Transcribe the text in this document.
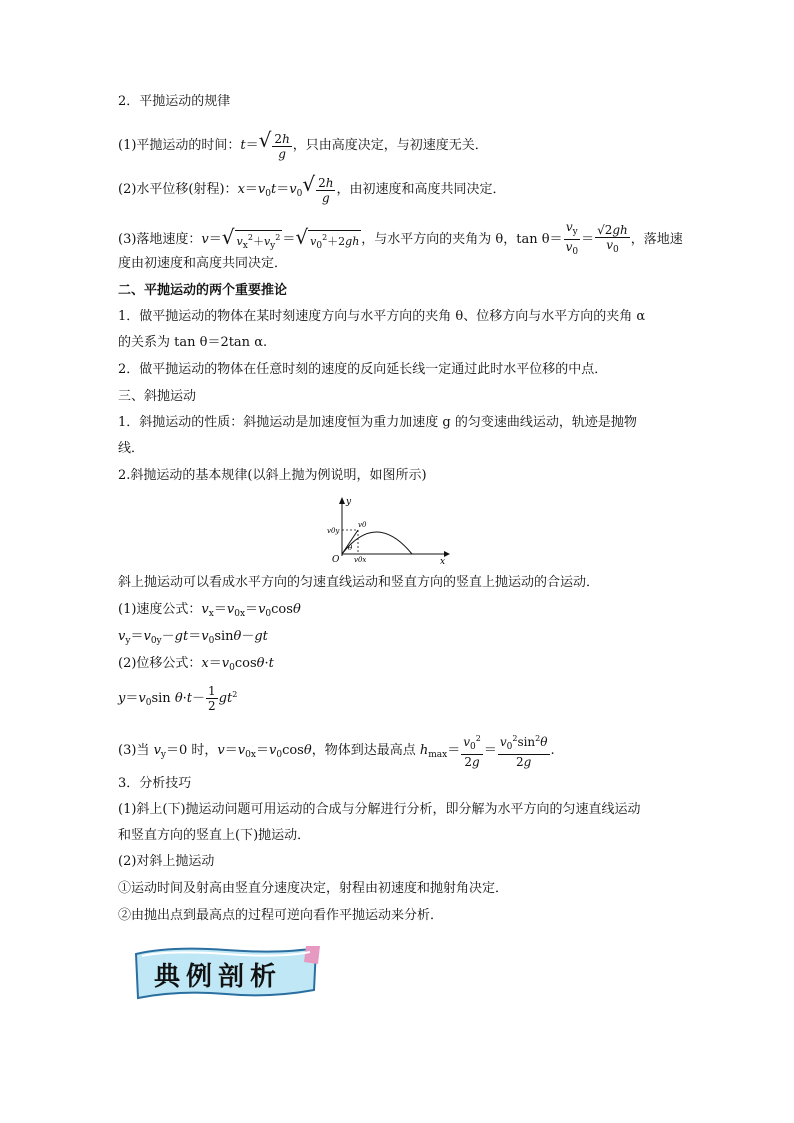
2．平抛运动的规律
(1)平抛运动的时间：t＝ √ $\frac{2h}{g}$ ，只由高度决定，与初速度无关．
(2)水平位移(射程)：$x=v_0t=v_0$ √ $\frac{2h}{g}$ ，由初速度和高度共同决定．
(3)落地速度：v＝ √ $v_x^2+v_y^2$ ＝ √ $v_0^2+2gh$ ，与水平方向的夹角为 θ，$\tan \theta= \frac{v_y}{v_0} = \frac{√2gh}{v_0}$ ，落地速
度由初速度和高度共同决定．
二、平抛运动的两个重要推论
1．做平抛运动的物体在某时刻速度方向与水平方向的夹角 θ、位移方向与水平方向的夹角 α
的关系为 tan θ＝2tan α.
2．做平抛运动的物体在任意时刻的速度的反向延长线一定通过此时水平位移的中点．
三、斜抛运动
1．斜抛运动的性质：斜抛运动是加速度恒为重力加速度 g 的匀变速曲线运动，轨迹是抛物
线．
2.斜抛运动的基本规律(以斜上抛为例说明，如图所示)
y
x
O
v0
v0y
v0x
θ
斜上抛运动可以看成水平方向的匀速直线运动和竖直方向的竖直上抛运动的合运动．
(1)速度公式：$v_x=v_{0x}=v_0\cos\theta$
$v_y=v_{0y}-gt=v_0\sin\theta-gt$
(2)位移公式：$x=v_0\cos\theta\cdot t$
$y=v_0\sin$ $\theta\cdot t- \frac{1}{2} gt^2$
(3)当 $v_y=0$ 时，$v=v_{0x}=v_0\cos\theta$，物体到达最高点 $h_{max}= \frac{v_0^2}{2g} = \frac{v_0^2\sin^2\theta}{2g}$ .
3．分析技巧
(1)斜上(下)抛运动问题可用运动的合成与分解进行分析，即分解为水平方向的匀速直线运动
和竖直方向的竖直上(下)抛运动．
(2)对斜上抛运动
①运动时间及射高由竖直分速度决定，射程由初速度和抛射角决定．
②由抛出点到最高点的过程可逆向看作平抛运动来分析．
典例剖析
